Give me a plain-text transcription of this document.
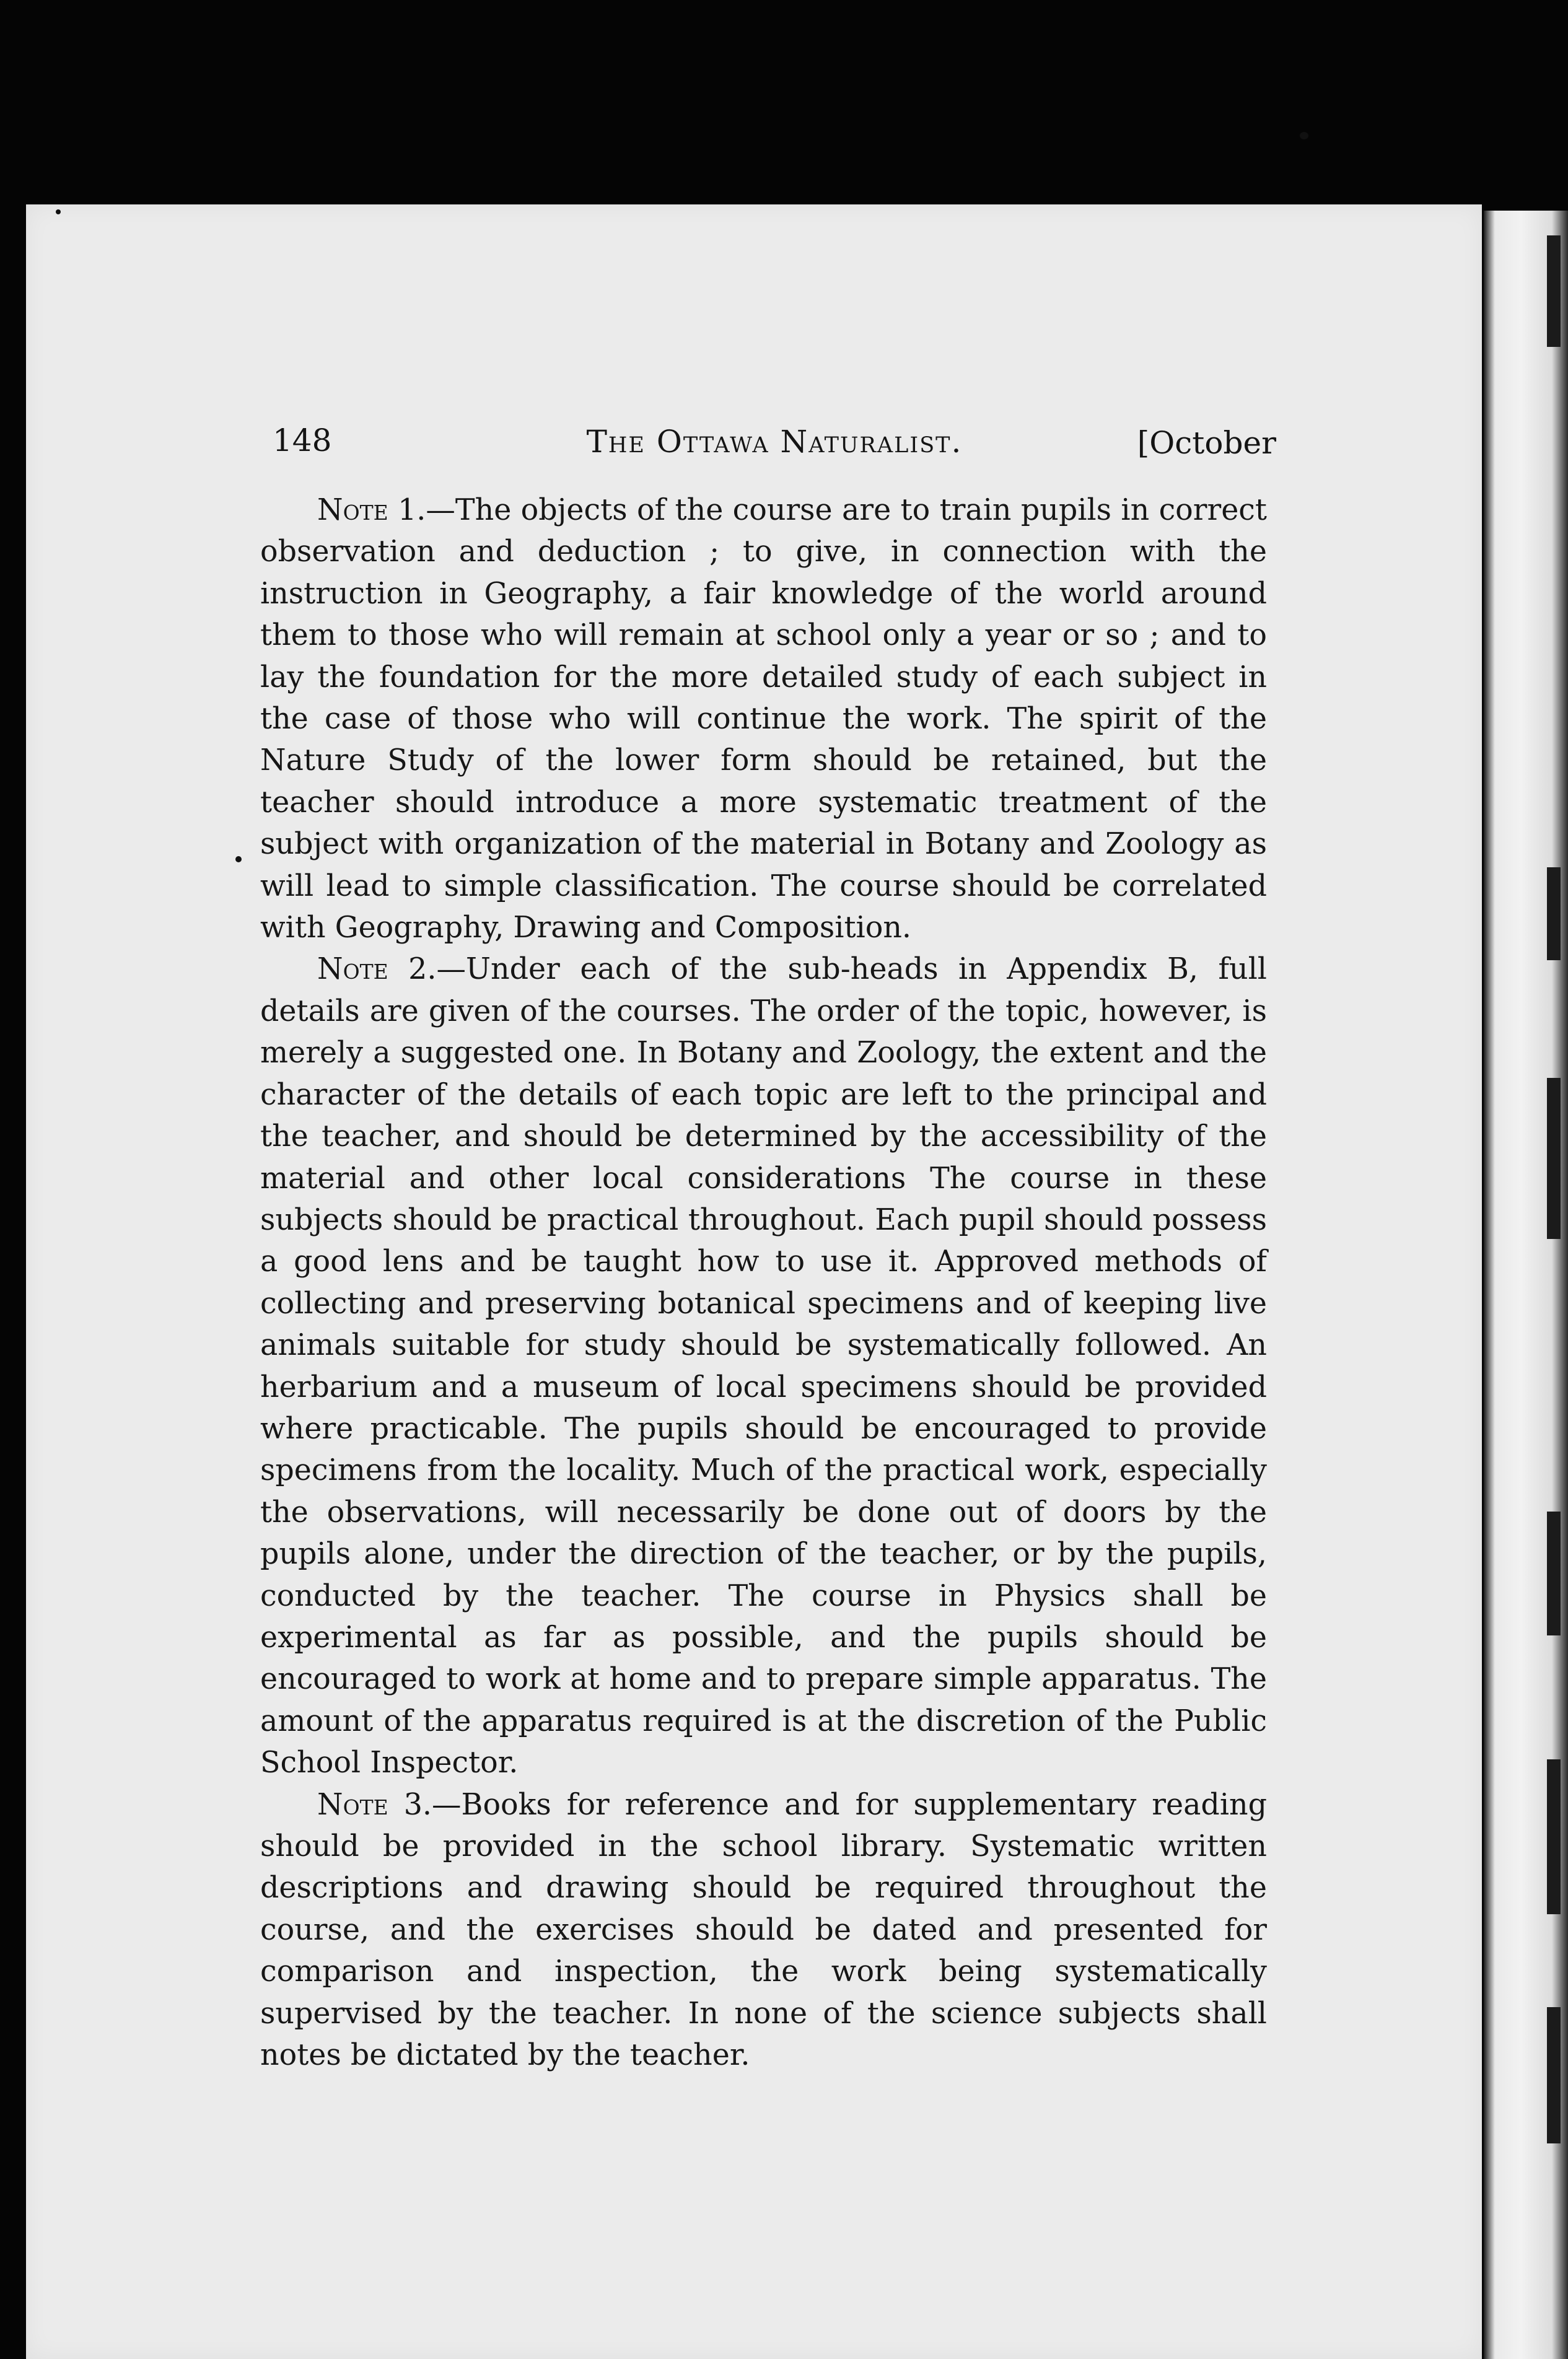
148	The Ottawa Naturalist.	[October

Note 1.—The objects of the course are to train pupils in correct observation and deduction ; to give, in connection with the instruction in Geography, a fair knowledge of the world around them to those who will remain at school only a year or so ; and to lay the foundation for the more detailed study of each subject in the case of those who will continue the work. The spirit of the Nature Study of the lower form should be retained, but the teacher should introduce a more systematic treatment of the subject with organization of the material in Botany and Zoology as will lead to simple classification. The course should be correlated with Geography, Drawing and Composition.

Note 2.—Under each of the sub-heads in Appendix B, full details are given of the courses. The order of the topic, however, is merely a suggested one. In Botany and Zoology, the extent and the character of the details of each topic are left to the principal and the teacher, and should be determined by the accessibility of the material and other local considerations The course in these subjects should be practical throughout. Each pupil should possess a good lens and be taught how to use it. Approved methods of collecting and preserving botanical specimens and of keeping live animals suitable for study should be systematically followed. An herbarium and a museum of local specimens should be provided where practicable. The pupils should be encouraged to provide specimens from the locality. Much of the practical work, especially the observations, will necessarily be done out of doors by the pupils alone, under the direction of the teacher, or by the pupils, conducted by the teacher. The course in Physics shall be experimental as far as possible, and the pupils should be encouraged to work at home and to prepare simple apparatus. The amount of the apparatus required is at the discretion of the Public School Inspector.

Note 3.—Books for reference and for supplementary reading should be provided in the school library. Systematic written descriptions and drawing should be required throughout the course, and the exercises should be dated and presented for comparison and inspection, the work being systematically supervised by the teacher. In none of the science subjects shall notes be dictated by the teacher.
